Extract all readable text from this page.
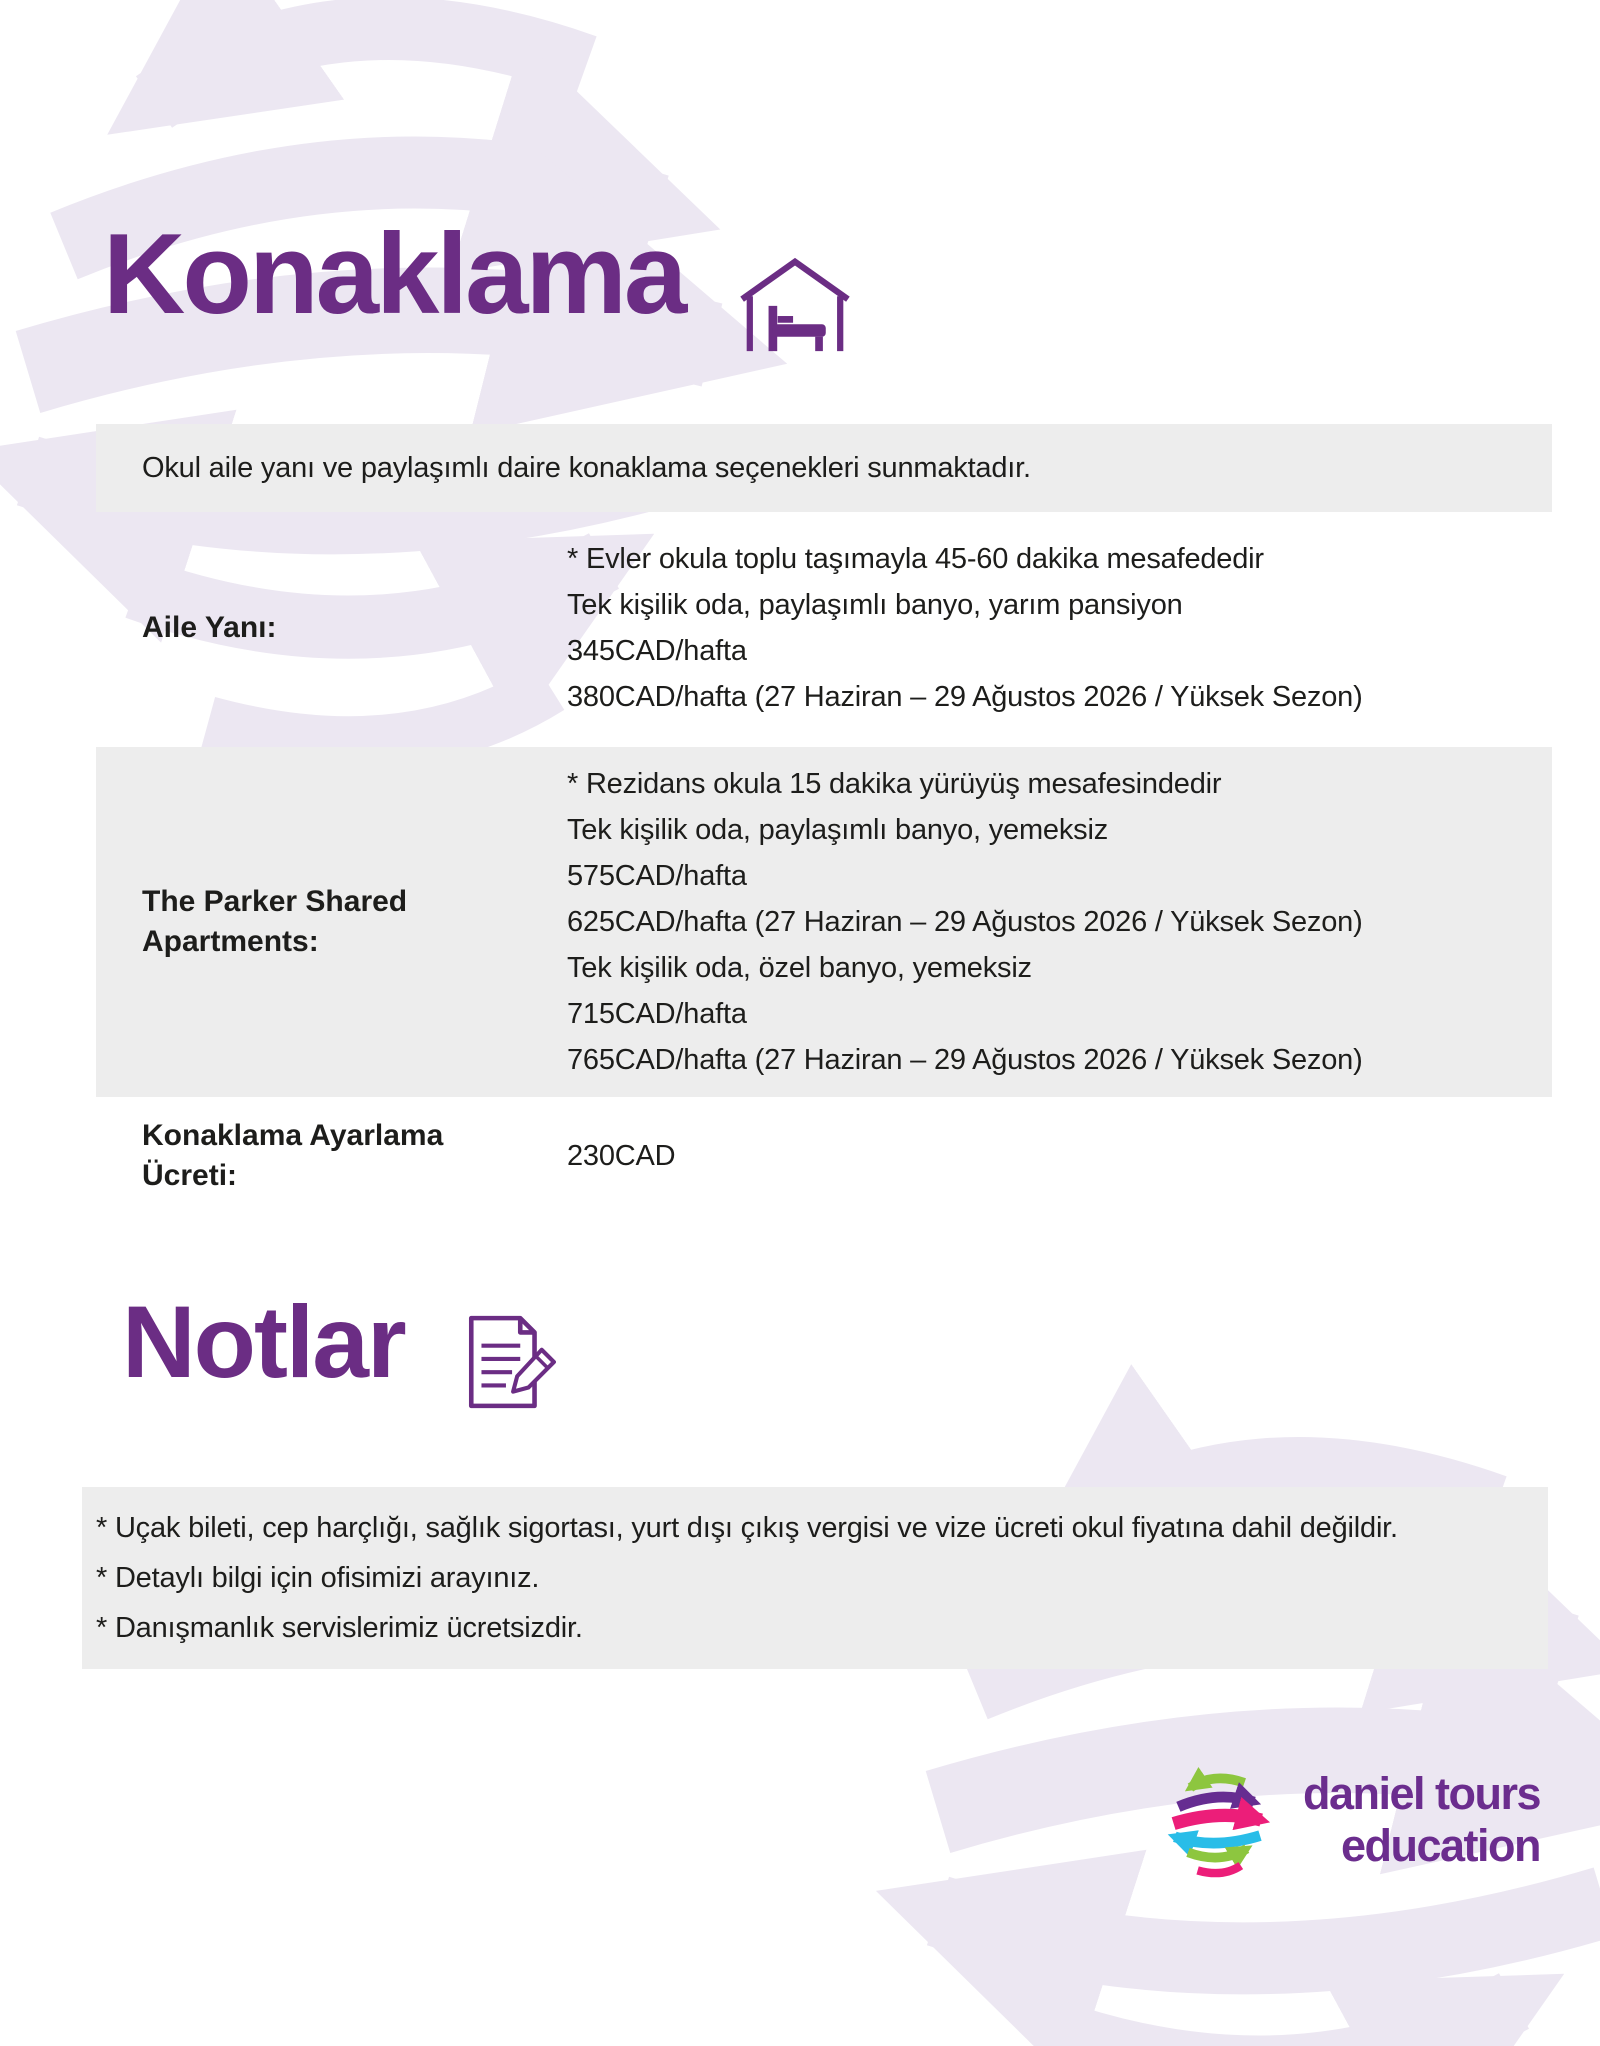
Konaklama

Okul aile yanı ve paylaşımlı daire konaklama seçenekleri sunmaktadır.

Aile Yanı:
* Evler okula toplu taşımayla 45-60 dakika mesafededir
Tek kişilik oda, paylaşımlı banyo, yarım pansiyon
345CAD/hafta
380CAD/hafta (27 Haziran – 29 Ağustos 2026 / Yüksek Sezon)
The Parker Shared Apartments:
* Rezidans okula 15 dakika yürüyüş mesafesindedir
Tek kişilik oda, paylaşımlı banyo, yemeksiz
575CAD/hafta
625CAD/hafta (27 Haziran – 29 Ağustos 2026 / Yüksek Sezon)
Tek kişilik oda, özel banyo, yemeksiz
715CAD/hafta
765CAD/hafta (27 Haziran – 29 Ağustos 2026 / Yüksek Sezon)
Konaklama Ayarlama Ücreti:
230CAD
Notlar

* Uçak bileti, cep harçlığı, sağlık sigortası, yurt dışı çıkış vergisi ve vize ücreti okul fiyatına dahil değildir.

* Detaylı bilgi için ofisimizi arayınız.

* Danışmanlık servislerimiz ücretsizdir.

daniel tours
education
